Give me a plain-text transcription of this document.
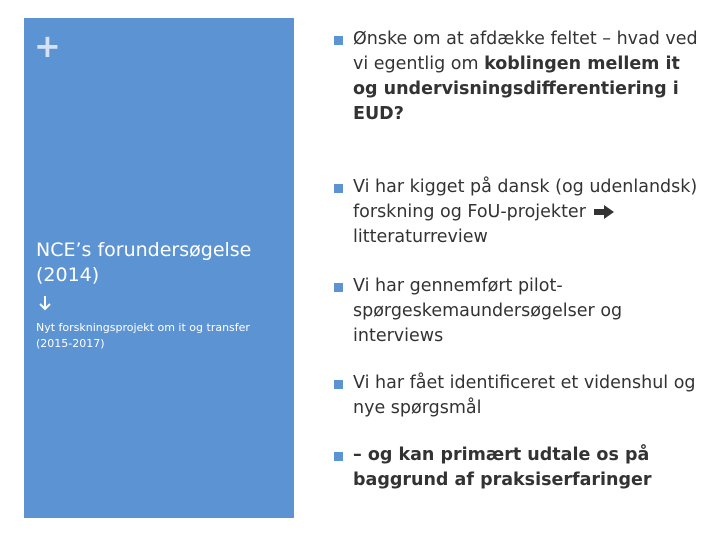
+
NCE’s forundersøgelse (2014)
Nyt forskningsprojekt om it og transfer (2015-2017)
Ønske om at afdække feltet – hvad ved vi egentlig om koblingen mellem it og undervisningsdifferentiering i EUD?
Vi har kigget på dansk (og udenlandsk) forskning og FoU-projekter  litteraturreview
Vi har gennemført pilot-spørgeskemaundersøgelser og interviews
Vi har fået identificeret et videnshul og nye spørgsmål
– og kan primært udtale os på baggrund af praksiserfaringer
